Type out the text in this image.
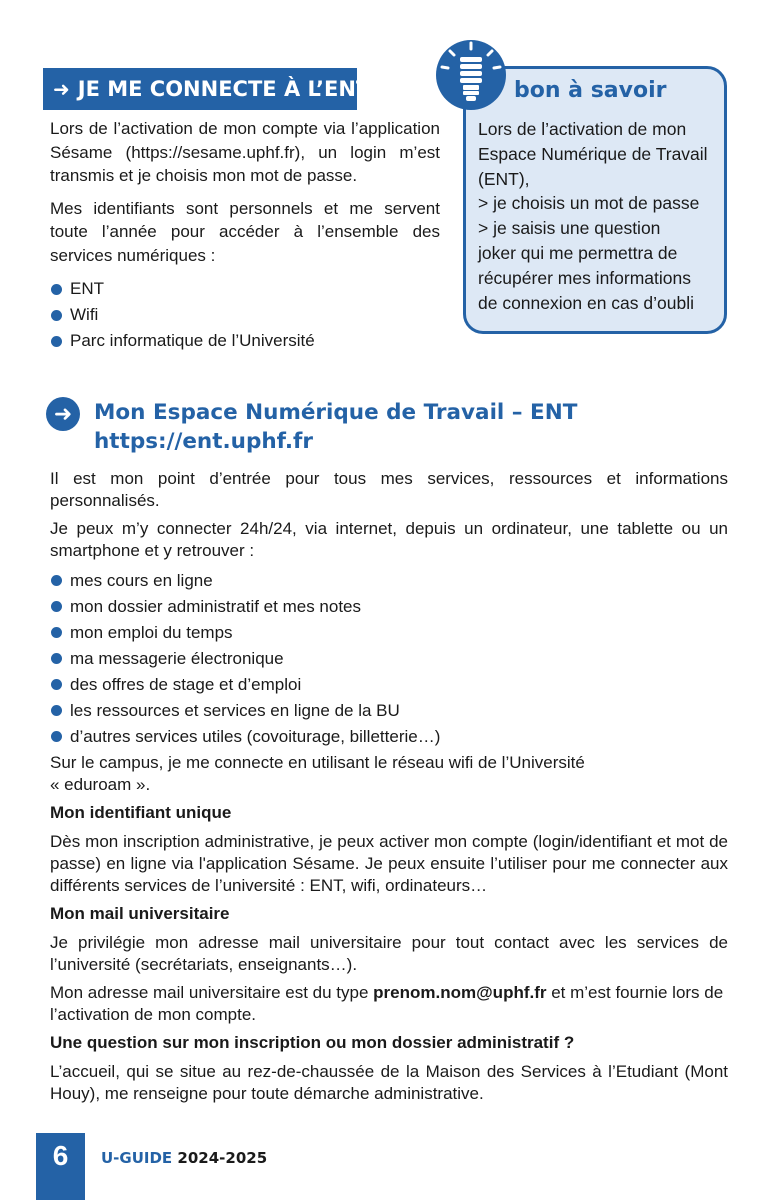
➜ JE ME CONNECTE À L’ENT

Lors de l’activation de mon compte via l’application Sésame (https://sesame.uphf.fr), un login m’est transmis et je choisis mon mot de passe.

Mes identifiants sont personnels et me servent toute l’année pour accéder à l’ensemble des services numériques :

ENT
Wifi
Parc informatique de l’Université
bon à savoir
Lors de l’activation de mon
Espace Numérique de Travail
(ENT),
> je choisis un mot de passe
> je saisis une question
joker qui me permettra de
récupérer mes informations
de connexion en cas d’oubli
➜	Mon Espace Numérique de Travail – ENT
https://ent.uphf.fr

Il est mon point d’entrée pour tous mes services, ressources et informations personnalisés.

Je peux m’y connecter 24h/24, via internet, depuis un ordinateur, une tablette ou un smartphone et y retrouver :

mes cours en ligne
mon dossier administratif et mes notes
mon emploi du temps
ma messagerie électronique
des offres de stage et d’emploi
les ressources et services en ligne de la BU
d’autres services utiles (covoiturage, billetterie…)

Sur le campus, je me connecte en utilisant le réseau wifi de l’Université
« eduroam ».

Mon identifiant unique

Dès mon inscription administrative, je peux activer mon compte (login/identifiant et mot de passe) en ligne via l'application Sésame. Je peux ensuite l’utiliser pour me connecter aux différents services de l’université : ENT, wifi, ordinateurs…

Mon mail universitaire

Je privilégie mon adresse mail universitaire pour tout contact avec les services de l’université (secrétariats, enseignants…).

Mon adresse mail universitaire est du type prenom.nom@uphf.fr et m’est fournie lors de l’activation de mon compte.

Une question sur mon inscription ou mon dossier administratif ?

L’accueil, qui se situe au rez-de-chaussée de la Maison des Services à l’Etudiant (Mont Houy), me renseigne pour toute démarche administrative.

6 U-GUIDE 2024-2025
